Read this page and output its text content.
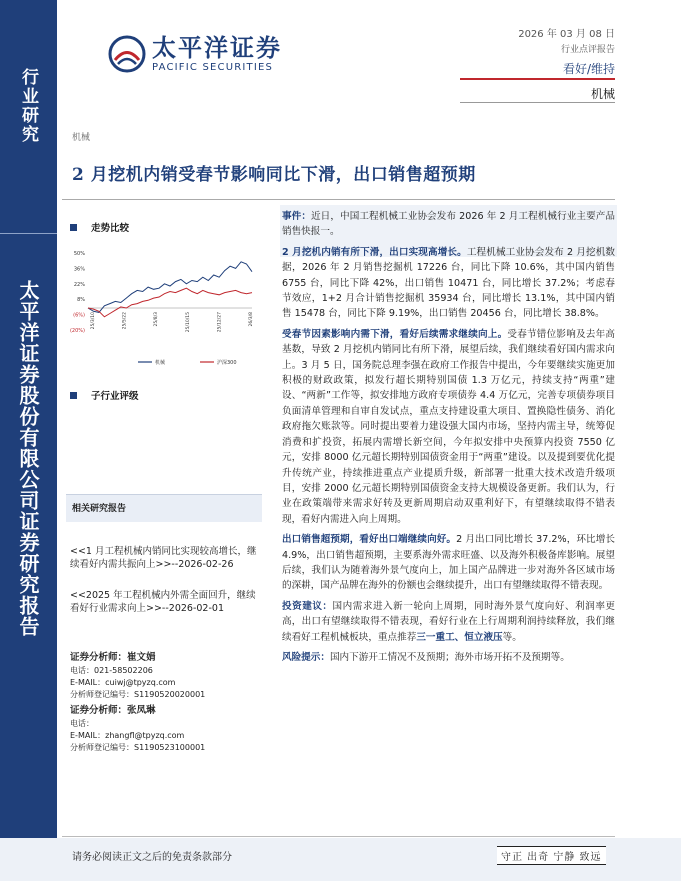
行业研究
太平洋证券股份有限公司证券研究报告
太平洋证券
PACIFIC SECURITIES
2026 年 03 月 08 日
行业点评报告
看好/维持
机械
机械
2 月挖机内销受春节影响同比下滑，出口销售超预期
走势比较
50%
36%
22%
8%
(6%)
(20%)
25/3/10	25/5/22	25/8/3	25/10/15	25/12/27	26/3/8
机械	沪深300
子行业评级
相关研究报告
<<1 月工程机械内销同比实现较高增长，继续看好内需共振向上>>--2026-02-26
<<2025 年工程机械内外需全面回升，继续看好行业需求向上>>--2026-02-01
证券分析师：崔文娟
电话：021-58502206
E-MAIL：cuiwj@tpyzq.com
分析师登记编号：S1190520020001
证券分析师：张凤琳
电话：
E-MAIL：zhangfl@tpyzq.com
分析师登记编号：S1190523100001

事件：近日，中国工程机械工业协会发布 2026 年 2 月工程机械行业主要产品销售快报一。

2 月挖机内销有所下滑，出口实现高增长。工程机械工业协会发布 2 月挖机数据，2026 年 2 月销售挖掘机 17226 台，同比下降 10.6%，其中国内销售 6755 台，同比下降 42%，出口销售 10471 台，同比增长 37.2%；考虑春节效应，1+2 月合计销售挖掘机 35934 台，同比增长 13.1%，其中国内销售 15478 台，同比下降 9.19%，出口销售 20456 台，同比增长 38.8%。

受春节因素影响内需下滑，看好后续需求继续向上。受春节错位影响及去年高基数，导致 2 月挖机内销同比有所下滑，展望后续，我们继续看好国内需求向上。3 月 5 日，国务院总理李强在政府工作报告中提出，今年要继续实施更加积极的财政政策，拟发行超长期特别国债 1.3 万亿元，持续支持“两重”建设、“两新”工作等，拟安排地方政府专项债券 4.4 万亿元，完善专项债券项目负面清单管理和自审自发试点，重点支持建设重大项目、置换隐性债务、消化政府拖欠账款等。同时提出要着力建设强大国内市场，坚持内需主导，统筹促消费和扩投资，拓展内需增长新空间，今年拟安排中央预算内投资 7550 亿元，安排 8000 亿元超长期特别国债资金用于“两重”建设。以及提到要优化提升传统产业，持续推进重点产业提质升级，新部署一批重大技术改造升级项目，安排 2000 亿元超长期特别国债资金支持大规模设备更新。我们认为，行业在政策端带来需求好转及更新周期启动双重利好下，有望继续取得不错表现，看好内需进入向上周期。

出口销售超预期，看好出口端继续向好。2 月出口同比增长 37.2%，环比增长 4.9%，出口销售超预期，主要系海外需求旺盛、以及海外积极备库影响。展望后续，我们认为随着海外景气度向上，加上国产品牌进一步对海外各区域市场的深耕，国产品牌在海外的份额也会继续提升，出口有望继续取得不错表现。

投资建议：国内需求进入新一轮向上周期，同时海外景气度向好、利润率更高，出口有望继续取得不错表现，看好行业在上行周期利润持续释放，我们继续看好工程机械板块，重点推荐三一重工、恒立液压等。

风险提示：国内下游开工情况不及预期；海外市场开拓不及预期等。

请务必阅读正文之后的免责条款部分	守正 出奇 宁静 致远
